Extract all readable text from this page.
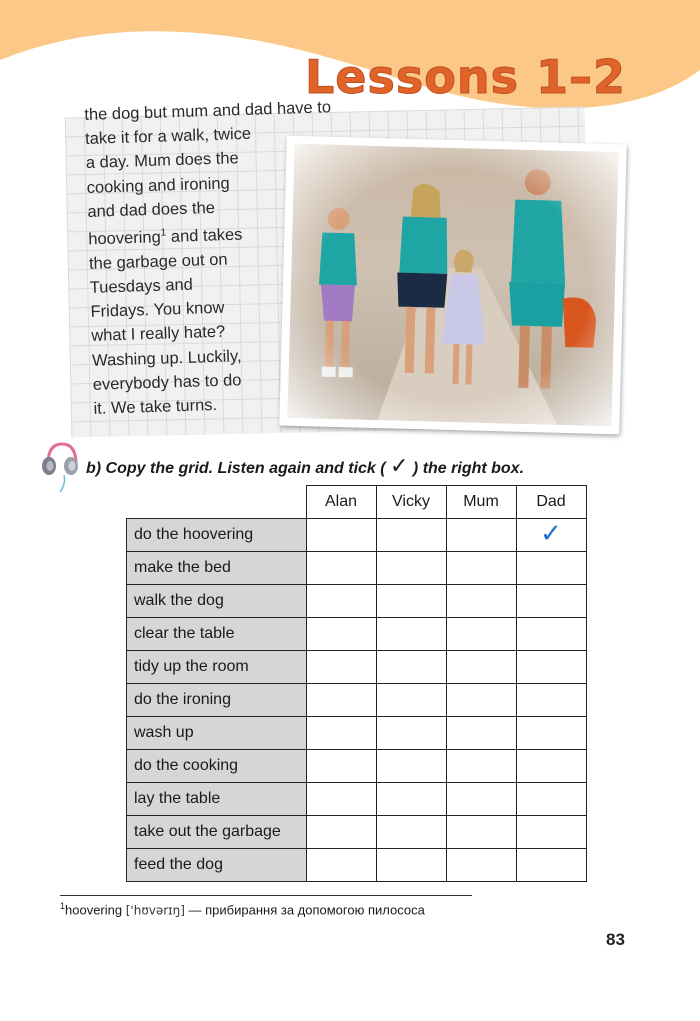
Lessons 1–2

the dog but mum and dad have to

take it for a walk, twice

a day. Mum does the

cooking and ironing

and dad does the

hoovering$^1$ and takes

the garbage out on

Tuesdays and

Fridays. You know

what I really hate?

Washing up. Luckily,

everybody has to do

it. We take turns.

b) Copy the grid. Listen again and tick ( ✓ ) the right box.
	Alan	Vicky	Mum	Dad
do the hoovering				✓
make the bed				
walk the dog				
clear the table				
tidy up the room				
do the ironing				
wash up				
do the cooking				
lay the table				
take out the garbage				
feed the dog				
$^1$hoovering ['hʊvərɪŋ] — прибирання за допомогою пилососа
83
